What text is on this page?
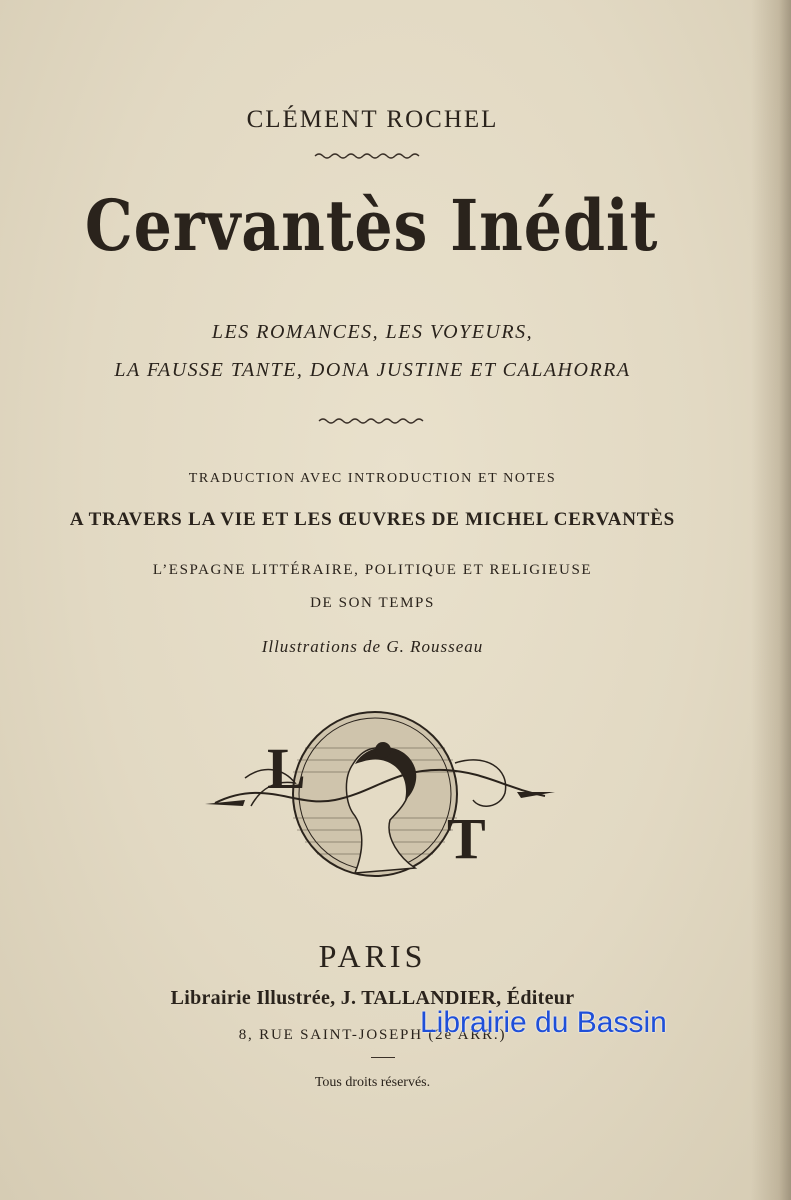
CLÉMENT ROCHEL
Cervantès Inédit
LES ROMANCES, LES VOYEURS,
LA FAUSSE TANTE, DONA JUSTINE ET CALAHORRA
TRADUCTION AVEC INTRODUCTION ET NOTES
A TRAVERS LA VIE ET LES ŒUVRES DE MICHEL CERVANTÈS
L’ESPAGNE LITTÉRAIRE, POLITIQUE ET RELIGIEUSE
DE SON TEMPS
Illustrations de G. Rousseau
L
T
PARIS
Librairie Illustrée, J. TALLANDIER, Éditeur
8, RUE SAINT-JOSEPH (2e ARR.)
Tous droits réservés.
Librairie du Bassin
